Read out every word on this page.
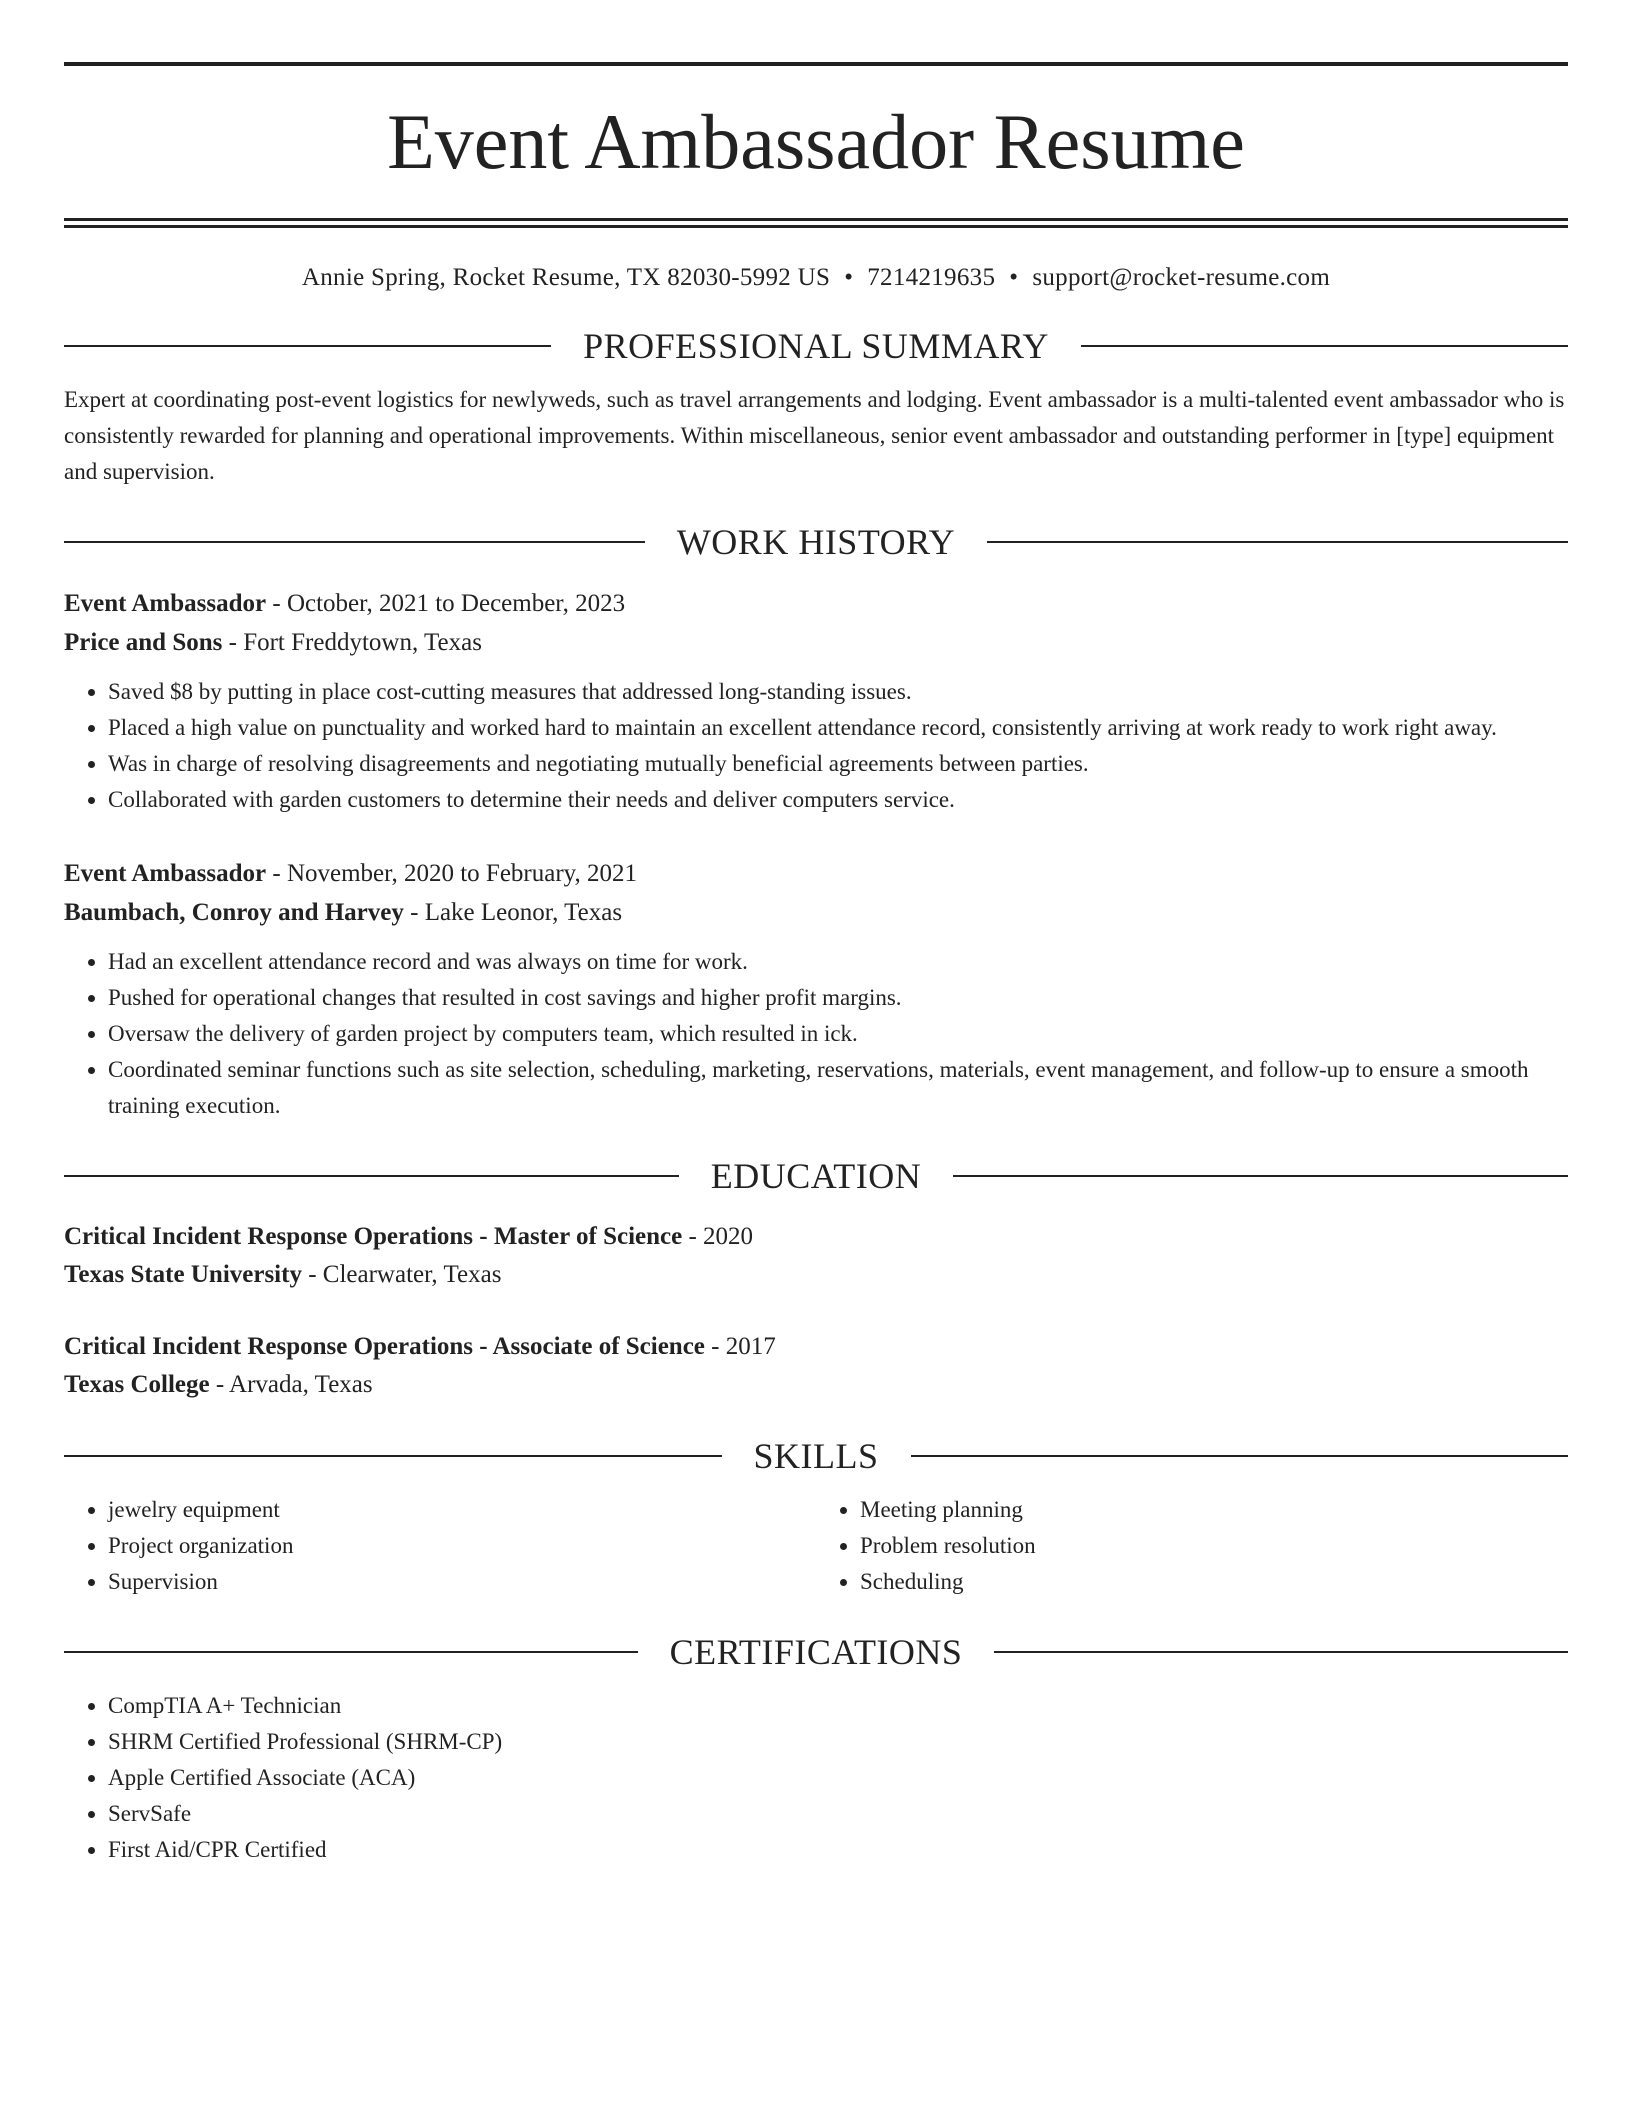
Event Ambassador Resume
Annie Spring, Rocket Resume, TX 82030-5992 US • 7214219635 • support@rocket-resume.com
PROFESSIONAL SUMMARY

Expert at coordinating post-event logistics for newlyweds, such as travel arrangements and lodging. Event ambassador is a multi-talented event ambassador who is consistently rewarded for planning and operational improvements. Within miscellaneous, senior event ambassador and outstanding performer in [type] equipment and supervision.

WORK HISTORY
Event Ambassador - October, 2021 to December, 2023
Price and Sons - Fort Freddytown, Texas
• Saved $8 by putting in place cost-cutting measures that addressed long-standing issues.
• Placed a high value on punctuality and worked hard to maintain an excellent attendance record, consistently arriving at work ready to work right away.
• Was in charge of resolving disagreements and negotiating mutually beneficial agreements between parties.
• Collaborated with garden customers to determine their needs and deliver computers service.
Event Ambassador - November, 2020 to February, 2021
Baumbach, Conroy and Harvey - Lake Leonor, Texas
• Had an excellent attendance record and was always on time for work.
• Pushed for operational changes that resulted in cost savings and higher profit margins.
• Oversaw the delivery of garden project by computers team, which resulted in ick.
• Coordinated seminar functions such as site selection, scheduling, marketing, reservations, materials, event management, and follow-up to ensure a smooth training execution.
EDUCATION
Critical Incident Response Operations - Master of Science - 2020
Texas State University - Clearwater, Texas
Critical Incident Response Operations - Associate of Science - 2017
Texas College - Arvada, Texas
SKILLS
• jewelry equipment
• Project organization
• Supervision
• Meeting planning
• Problem resolution
• Scheduling
CERTIFICATIONS
• CompTIA A+ Technician
• SHRM Certified Professional (SHRM-CP)
• Apple Certified Associate (ACA)
• ServSafe
• First Aid/CPR Certified
